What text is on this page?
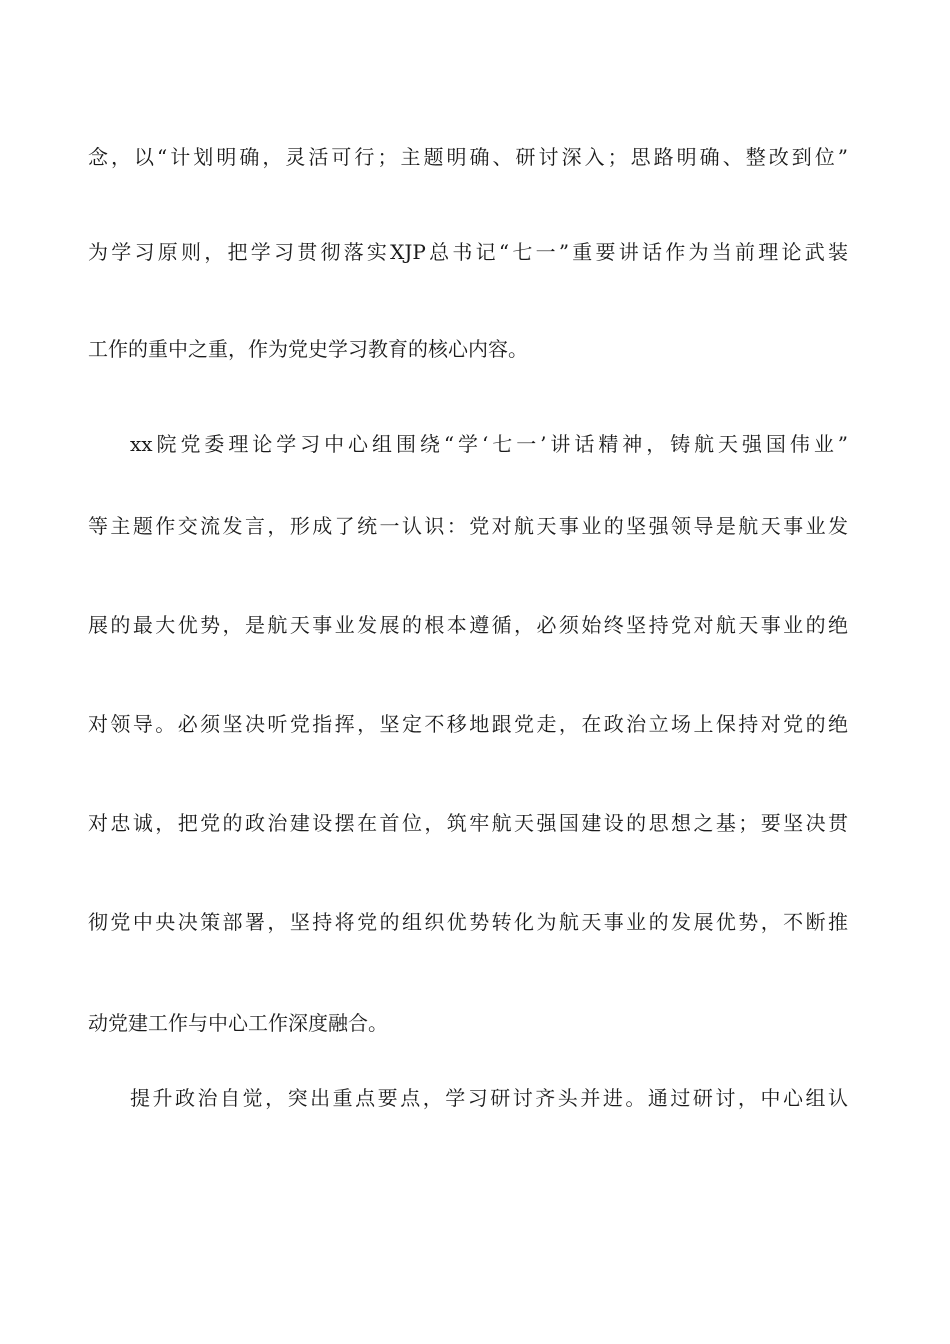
念，以“计划明确，灵活可行；主题明确、研讨深入；思路明确、整改到位”
为学习原则，把学习贯彻落实XJP总书记“七一”重要讲话作为当前理论武装
工作的重中之重，作为党史学习教育的核心内容。
xx院党委理论学习中心组围绕“学‘七一’讲话精神，铸航天强国伟业”
等主题作交流发言，形成了统一认识：党对航天事业的坚强领导是航天事业发
展的最大优势，是航天事业发展的根本遵循，必须始终坚持党对航天事业的绝
对领导。必须坚决听党指挥，坚定不移地跟党走，在政治立场上保持对党的绝
对忠诚，把党的政治建设摆在首位，筑牢航天强国建设的思想之基；要坚决贯
彻党中央决策部署，坚持将党的组织优势转化为航天事业的发展优势，不断推
动党建工作与中心工作深度融合。
提升政治自觉，突出重点要点，学习研讨齐头并进。通过研讨，中心组认
